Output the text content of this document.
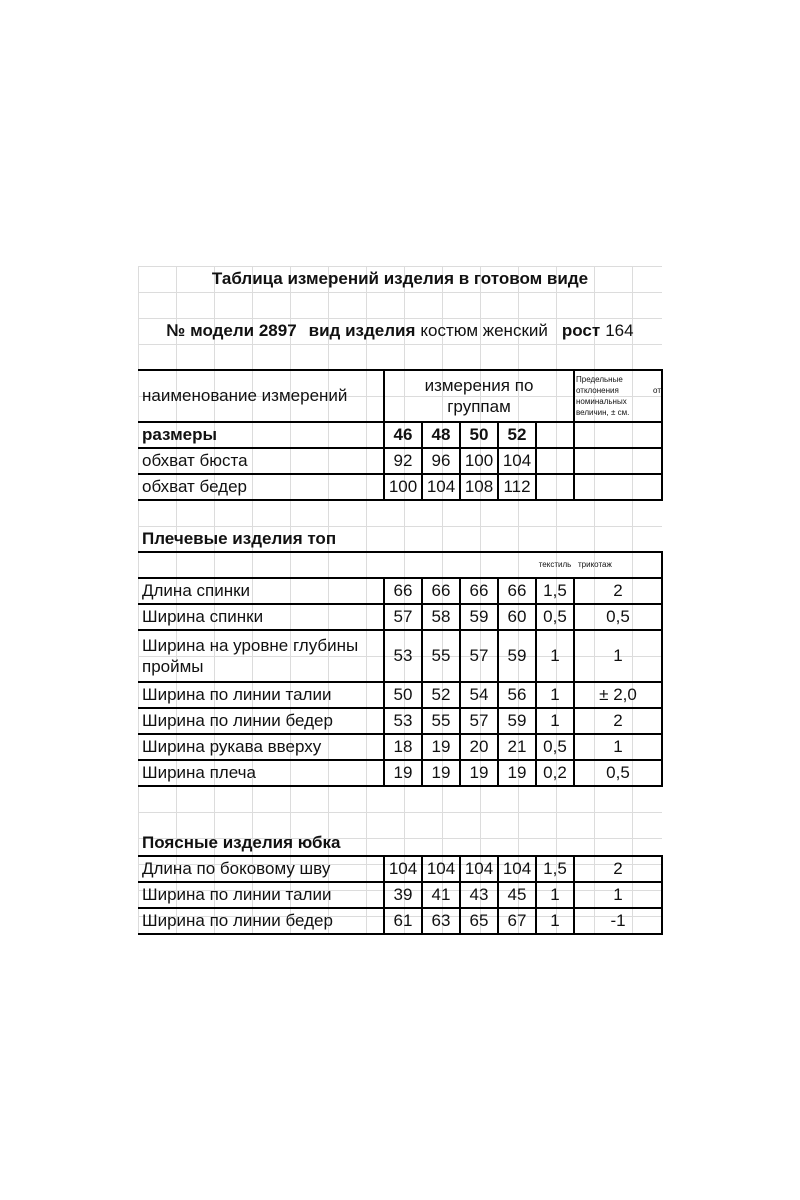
Таблица измерений изделия в готовом виде
№ модели 2897 вид изделия костюм женский рост 164
наименование измерений
измерения по группам
Предельные отклонения от номинальных величин, ± см.
размеры	46	48	50	52
обхват бюста	92	96 100 104
обхват бедер	100 104 108 112
Плечевые изделия топ
текстиль трикотаж
Длина спинки	66	66	66	66 1,5	2
Ширина спинки	57	58	59	60 0,5	0,5
Ширина на уровне глубины проймы
53	55	57	59	1	1
Ширина по линии талии	50	52	54	56	1	± 2,0
Ширина по линии бедер	53	55	57	59	1	2
Ширина рукава вверху	18	19	20	21 0,5	1
Ширина плеча	19	19	19	19 0,2	0,5
Поясные изделия юбка
Длина по боковому шву	104 104 104 104 1,5	2
Ширина по линии талии	39	41	43	45	1	1
Ширина по линии бедер	61	63	65	67	1	-1
